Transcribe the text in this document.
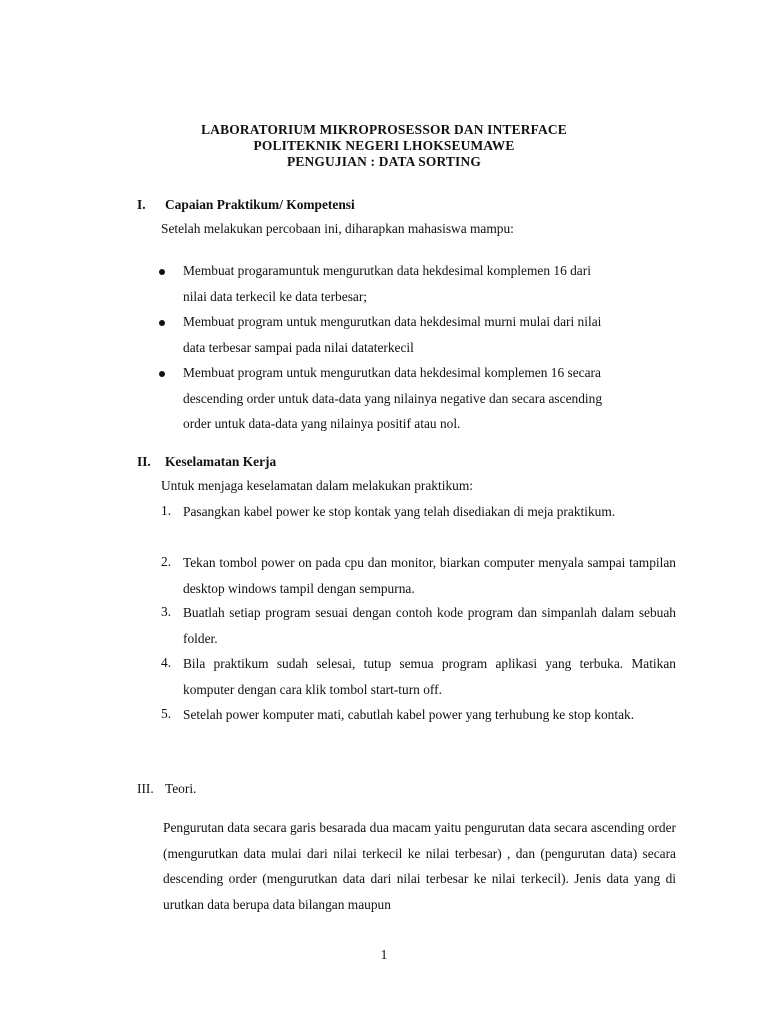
LABORATORIUM MIKROPROSESSOR DAN INTERFACE
POLITEKNIK NEGERI LHOKSEUMAWE
PENGUJIAN : DATA SORTING
I. Capaian Praktikum/ Kompetensi
Setelah melakukan percobaan ini, diharapkan mahasiswa mampu:
Membuat progaramuntuk mengurutkan data hekdesimal komplemen 16 dari
nilai data terkecil ke data terbesar;
Membuat program untuk mengurutkan data hekdesimal murni mulai dari nilai
data terbesar sampai pada nilai dataterkecil
Membuat program untuk mengurutkan data hekdesimal komplemen 16 secara
descending order untuk data-data yang nilainya negative dan secara ascending
order untuk data-data yang nilainya positif atau nol.
II. Keselamatan Kerja
Untuk menjaga keselamatan dalam melakukan praktikum:
1. Pasangkan kabel power ke stop kontak yang telah disediakan di meja praktikum.
2. Tekan tombol power on pada cpu dan monitor, biarkan computer menyala sampai tampilan desktop windows tampil dengan sempurna.
3. Buatlah setiap program sesuai dengan contoh kode program dan simpanlah dalam sebuah folder.
4. Bila praktikum sudah selesai, tutup semua program aplikasi yang terbuka. Matikan komputer dengan cara klik tombol start-turn off.
5. Setelah power komputer mati, cabutlah kabel power yang terhubung ke stop kontak.
III. Teori.
Pengurutan data secara garis besarada dua macam yaitu pengurutan data secara ascending order (mengurutkan data mulai dari nilai terkecil ke nilai terbesar) , dan (pengurutan data) secara descending order (mengurutkan data dari nilai terbesar ke nilai terkecil). Jenis data yang di urutkan data berupa data bilangan maupun
1
